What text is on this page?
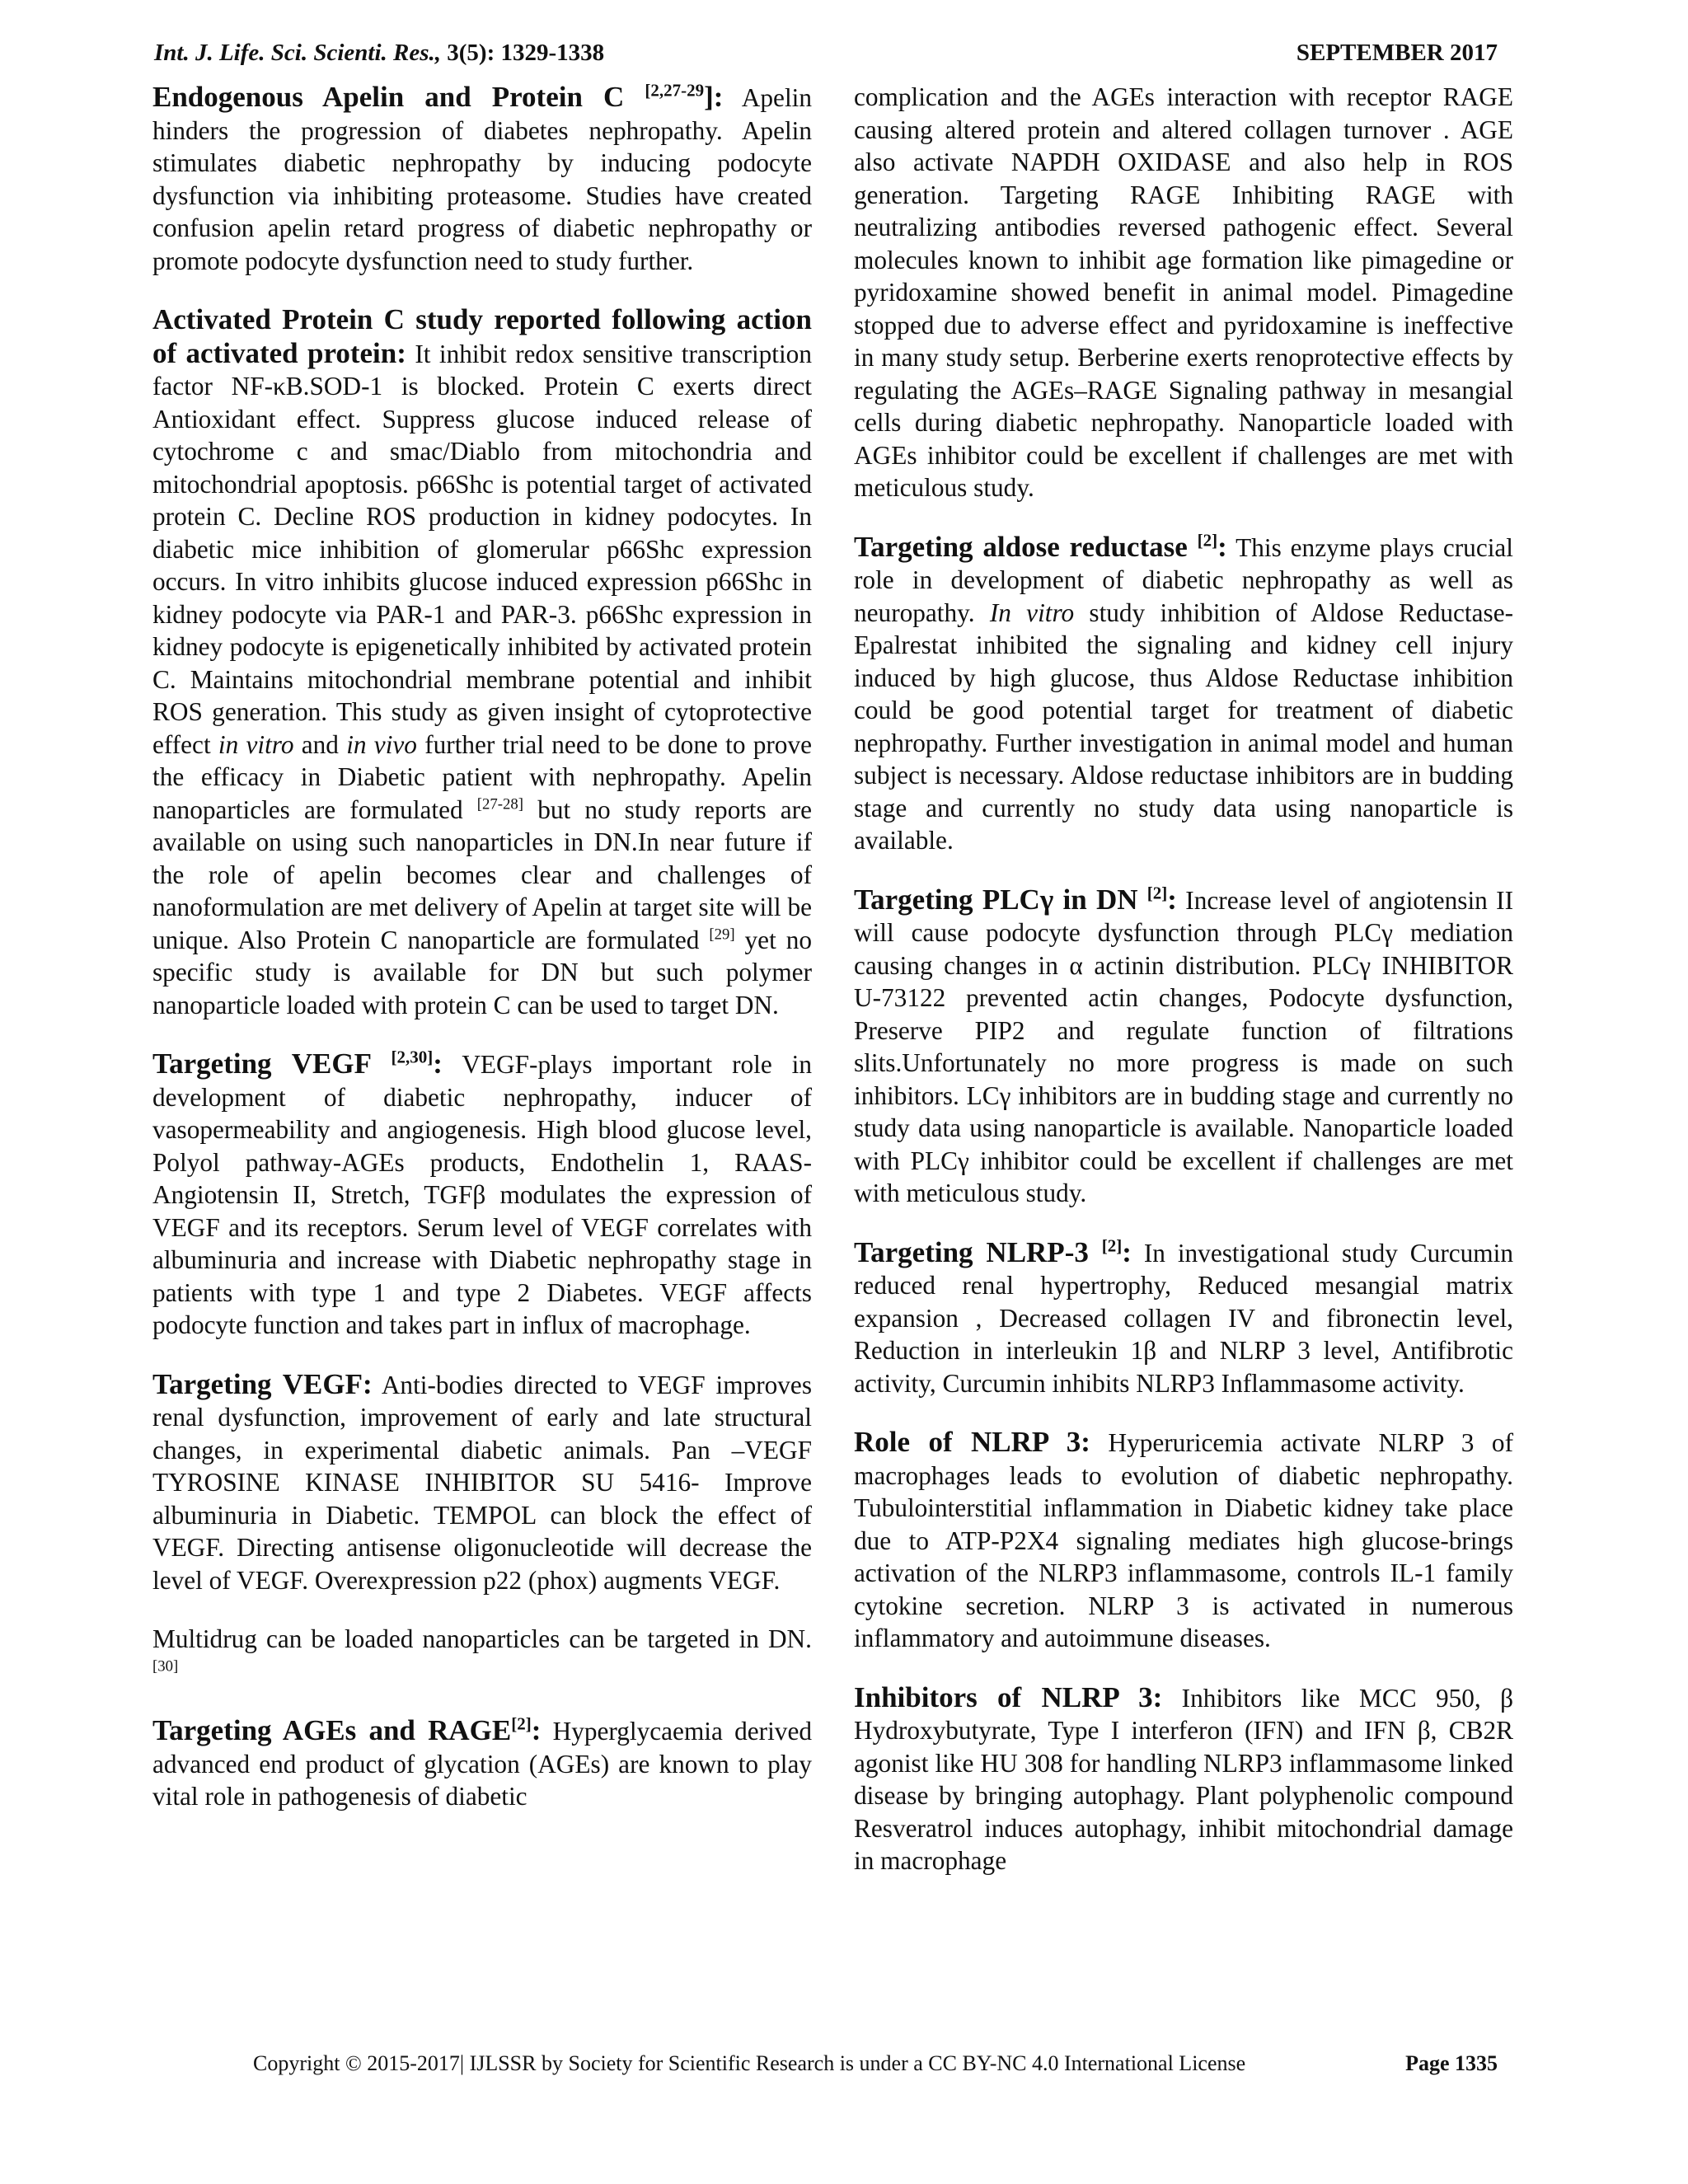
Int. J. Life. Sci. Scienti. Res., 3(5): 1329-1338	SEPTEMBER 2017

Endogenous Apelin and Protein C $^{[2,27-29}$]: Apelin hinders the progression of diabetes nephropathy. Apelin stimulates diabetic nephropathy by inducing podocyte dysfunction via inhibiting proteasome. Studies have created confusion apelin retard progress of diabetic nephropathy or promote podocyte dysfunction need to study further.

Activated Protein C study reported following action of activated protein: It inhibit redox sensitive transcription factor NF-κB.SOD-1 is blocked. Protein C exerts direct Antioxidant effect. Suppress glucose induced release of cytochrome c and smac/Diablo from mitochondria and mitochondrial apoptosis. p66Shc is potential target of activated protein C. Decline ROS production in kidney podocytes. In diabetic mice inhibition of glomerular p66Shc expression occurs. In vitro inhibits glucose induced expression p66Shc in kidney podocyte via PAR-1 and PAR-3. p66Shc expression in kidney podocyte is epigenetically inhibited by activated protein C. Maintains mitochondrial membrane potential and inhibit ROS generation. This study as given insight of cytoprotective effect in vitro and in vivo further trial need to be done to prove the efficacy in Diabetic patient with nephropathy. Apelin nanoparticles are formulated [27-28] but no study reports are available on using such nanoparticles in DN.In near future if the role of apelin becomes clear and challenges of nanoformulation are met delivery of Apelin at target site will be unique. Also Protein C nanoparticle are formulated [29] yet no specific study is available for DN but such polymer nanoparticle loaded with protein C can be used to target DN.

Targeting VEGF [2,30]: VEGF-plays important role in development of diabetic nephropathy, inducer of vasopermeability and angiogenesis. High blood glucose level, Polyol pathway-AGEs products, Endothelin 1, RAAS-Angiotensin II, Stretch, TGFβ modulates the expression of VEGF and its receptors. Serum level of VEGF correlates with albuminuria and increase with Diabetic nephropathy stage in patients with type 1 and type 2 Diabetes. VEGF affects podocyte function and takes part in influx of macrophage.

Targeting VEGF: Anti-bodies directed to VEGF improves renal dysfunction, improvement of early and late structural changes, in experimental diabetic animals. Pan –VEGF TYROSINE KINASE INHIBITOR SU 5416- Improve albuminuria in Diabetic. TEMPOL can block the effect of VEGF. Directing antisense oligonucleotide will decrease the level of VEGF. Overexpression p22 (phox) augments VEGF.

Multidrug can be loaded nanoparticles can be targeted in DN. [30]

Targeting AGEs and RAGE[2]: Hyperglycaemia derived advanced end product of glycation (AGEs) are known to play vital role in pathogenesis of diabetic

complication and the AGEs interaction with receptor RAGE causing altered protein and altered collagen turnover . AGE also activate NAPDH OXIDASE and also help in ROS generation. Targeting RAGE Inhibiting RAGE with neutralizing antibodies reversed pathogenic effect. Several molecules known to inhibit age formation like pimagedine or pyridoxamine showed benefit in animal model. Pimagedine stopped due to adverse effect and pyridoxamine is ineffective in many study setup. Berberine exerts renoprotective effects by regulating the AGEs–RAGE Signaling pathway in mesangial cells during diabetic nephropathy. Nanoparticle loaded with AGEs inhibitor could be excellent if challenges are met with meticulous study.

Targeting aldose reductase [2]: This enzyme plays crucial role in development of diabetic nephropathy as well as neuropathy. In vitro study inhibition of Aldose Reductase- Epalrestat inhibited the signaling and kidney cell injury induced by high glucose, thus Aldose Reductase inhibition could be good potential target for treatment of diabetic nephropathy. Further investigation in animal model and human subject is necessary. Aldose reductase inhibitors are in budding stage and currently no study data using nanoparticle is available.

Targeting PLCγ in DN [2]: Increase level of angiotensin II will cause podocyte dysfunction through PLCγ mediation causing changes in α actinin distribution. PLCγ INHIBITOR U-73122 prevented actin changes, Podocyte dysfunction, Preserve PIP2 and regulate function of filtrations slits.Unfortunately no more progress is made on such inhibitors. LCγ inhibitors are in budding stage and currently no study data using nanoparticle is available. Nanoparticle loaded with PLCγ inhibitor could be excellent if challenges are met with meticulous study.

Targeting NLRP-3 [2]: In investigational study Curcumin reduced renal hypertrophy, Reduced mesangial matrix expansion , Decreased collagen IV and fibronectin level, Reduction in interleukin 1β and NLRP 3 level, Antifibrotic activity, Curcumin inhibits NLRP3 Inflammasome activity.

Role of NLRP 3: Hyperuricemia activate NLRP 3 of macrophages leads to evolution of diabetic nephropathy. Tubulointerstitial inflammation in Diabetic kidney take place due to ATP-P2X4 signaling mediates high glucose-brings activation of the NLRP3 inflammasome, controls IL-1 family cytokine secretion. NLRP 3 is activated in numerous inflammatory and autoimmune diseases.

Inhibitors of NLRP 3: Inhibitors like MCC 950, β Hydroxybutyrate, Type I interferon (IFN) and IFN β, CB2R agonist like HU 308 for handling NLRP3 inflammasome linked disease by bringing autophagy. Plant polyphenolic compound Resveratrol induces autophagy, inhibit mitochondrial damage in macrophage

Copyright © 2015-2017| IJLSSR by Society for Scientific Research is under a CC BY-NC 4.0 International License	Page 1335
